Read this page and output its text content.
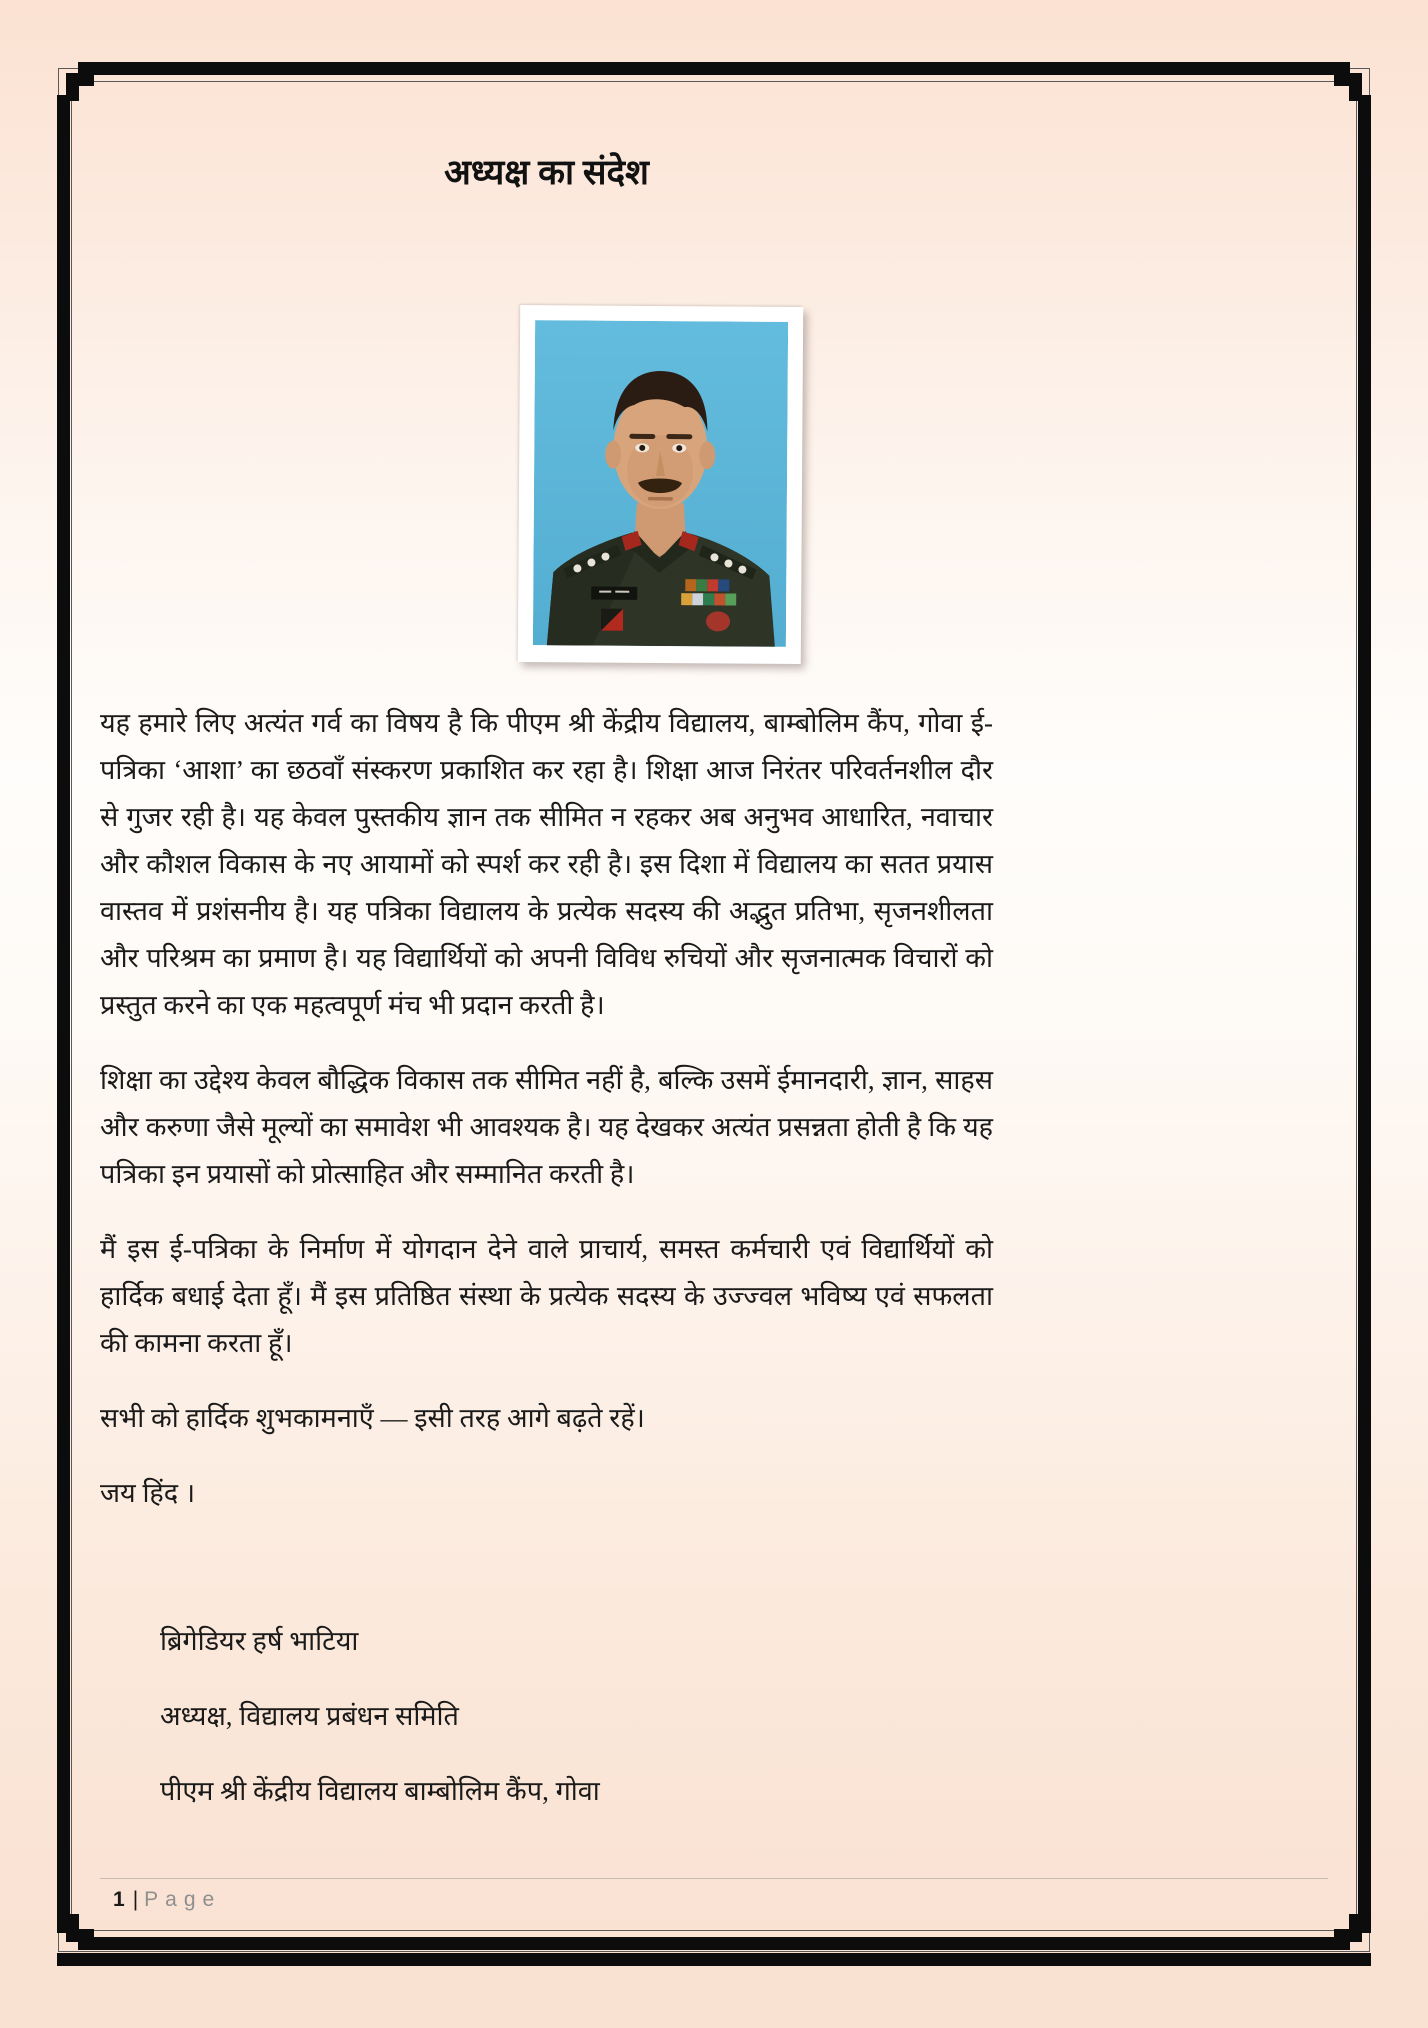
अध्यक्ष का संदेश

यह हमारे लिए अत्यंत गर्व का विषय है कि पीएम श्री केंद्रीय विद्यालय, बाम्बोलिम कैंप, गोवा ई-पत्रिका ‘आशा’ का छठवाँ संस्करण प्रकाशित कर रहा है। शिक्षा आज निरंतर परिवर्तनशील दौर से गुजर रही है। यह केवल पुस्तकीय ज्ञान तक सीमित न रहकर अब अनुभव आधारित, नवाचार और कौशल विकास के नए आयामों को स्पर्श कर रही है। इस दिशा में विद्यालय का सतत प्रयास वास्तव में प्रशंसनीय है। यह पत्रिका विद्यालय के प्रत्येक सदस्य की अद्भुत प्रतिभा, सृजनशीलता और परिश्रम का प्रमाण है। यह विद्यार्थियों को अपनी विविध रुचियों और सृजनात्मक विचारों को प्रस्तुत करने का एक महत्वपूर्ण मंच भी प्रदान करती है।

शिक्षा का उद्देश्य केवल बौद्धिक विकास तक सीमित नहीं है, बल्कि उसमें ईमानदारी, ज्ञान, साहस और करुणा जैसे मूल्यों का समावेश भी आवश्यक है। यह देखकर अत्यंत प्रसन्नता होती है कि यह पत्रिका इन प्रयासों को प्रोत्साहित और सम्मानित करती है।

मैं इस ई-पत्रिका के निर्माण में योगदान देने वाले प्राचार्य, समस्त कर्मचारी एवं विद्यार्थियों को हार्दिक बधाई देता हूँ। मैं इस प्रतिष्ठित संस्था के प्रत्येक सदस्य के उज्ज्वल भविष्य एवं सफलता की कामना करता हूँ।

सभी को हार्दिक शुभकामनाएँ — इसी तरह आगे बढ़ते रहें।

जय हिंद ।

ब्रिगेडियर हर्ष भाटिया
अध्यक्ष, विद्यालय प्रबंधन समिति
पीएम श्री केंद्रीय विद्यालय बाम्बोलिम कैंप, गोवा
1 | Page
